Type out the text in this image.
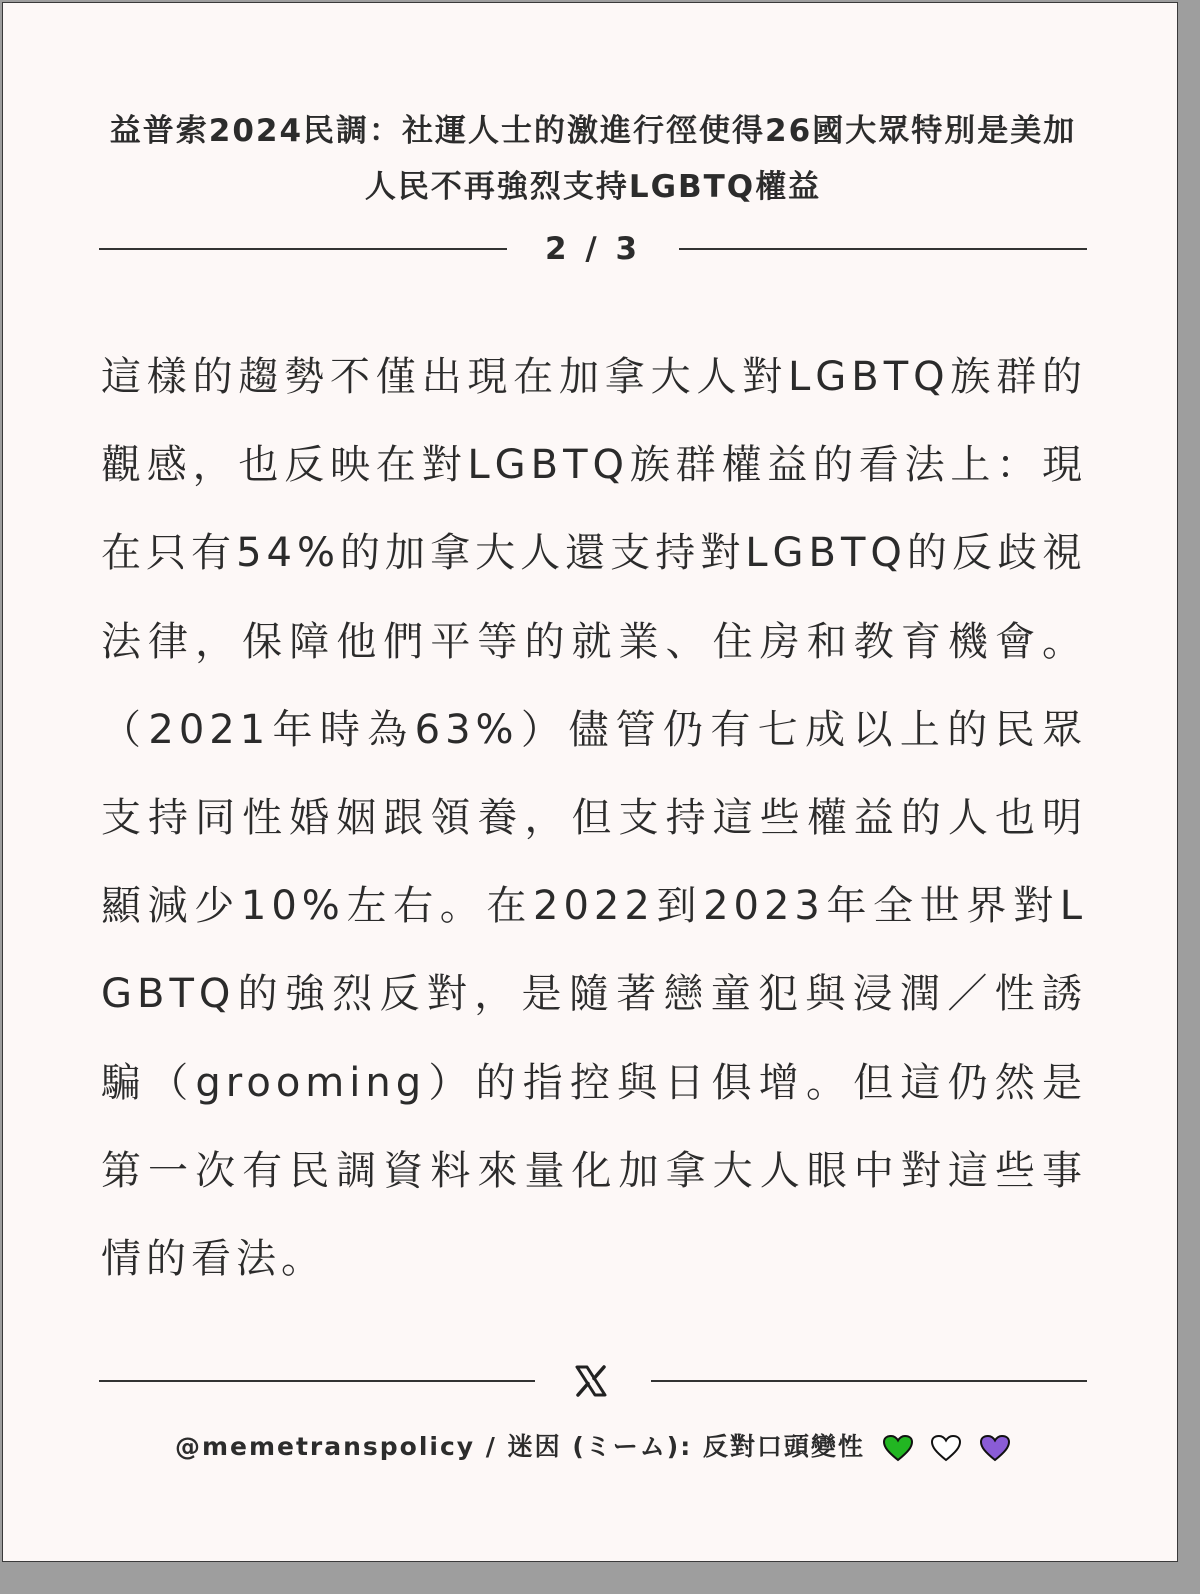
益普索2024民調：社運人士的激進行徑使得26國大眾特別是美加人民不再強烈支持LGBTQ權益
2 / 3

這樣的趨勢不僅出現在加拿大人對LGBTQ族群的觀感，也反映在對LGBTQ族群權益的看法上：現在只有54%的加拿大人還支持對LGBTQ的反歧視法律，保障他們平等的就業、住房和教育機會。（2021年時為63%）儘管仍有七成以上的民眾支持同性婚姻跟領養，但支持這些權益的人也明顯減少10%左右。在2022到2023年全世界對LGBTQ的強烈反對，是隨著戀童犯與浸潤／性誘騙（grooming）的指控與日俱增。但這仍然是第一次有民調資料來量化加拿大人眼中對這些事情的看法。

@memetranspolicy / 迷因 (ミーム): 反對口頭變性
